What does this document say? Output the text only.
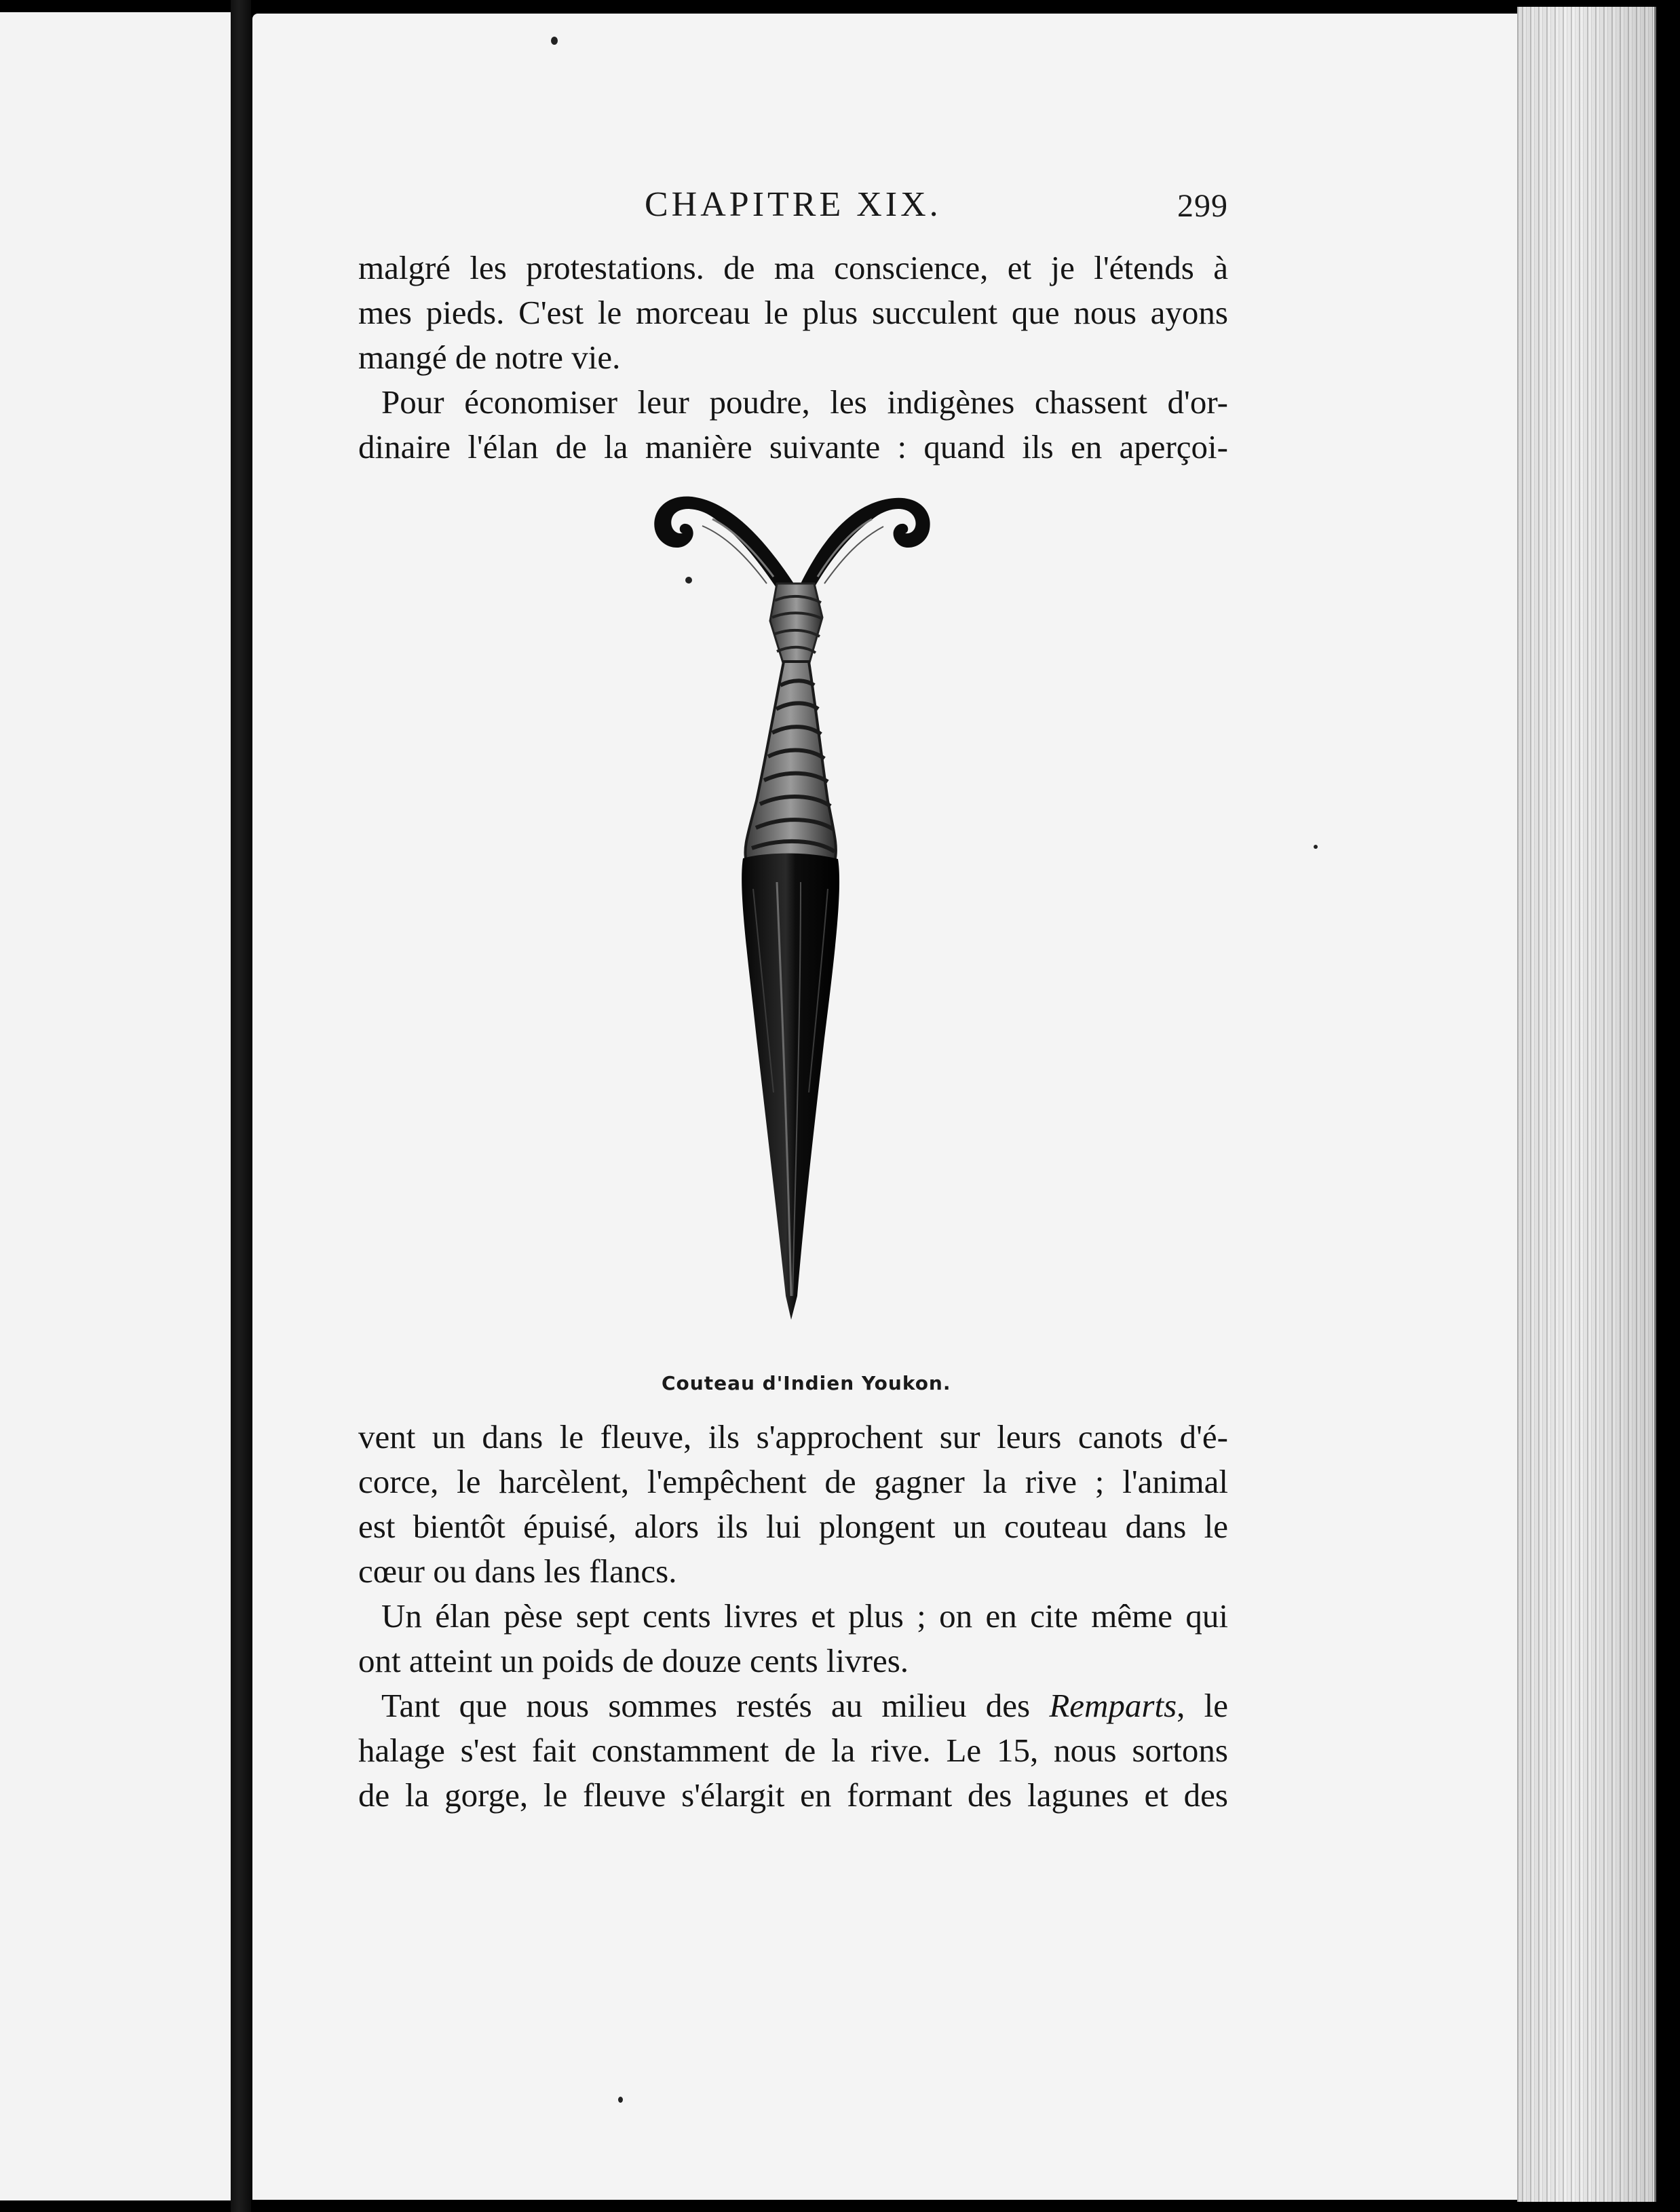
CHAPITRE XIX.	299

malgré les protestations. de ma conscience, et je l'étends à
mes pieds. C'est le morceau le plus succulent que nous ayons
mangé de notre vie.

Pour économiser leur poudre, les indigènes chassent d'or-
dinaire l'élan de la manière suivante : quand ils en aperçoi-

Couteau d'Indien Youkon.

vent un dans le fleuve, ils s'approchent sur leurs canots d'é-
corce, le harcèlent, l'empêchent de gagner la rive ; l'animal
est bientôt épuisé, alors ils lui plongent un couteau dans le
cœur ou dans les flancs.

Un élan pèse sept cents livres et plus ; on en cite même qui
ont atteint un poids de douze cents livres.

Tant que nous sommes restés au milieu des Remparts, le
halage s'est fait constamment de la rive. Le 15, nous sortons
de la gorge, le fleuve s'élargit en formant des lagunes et des
